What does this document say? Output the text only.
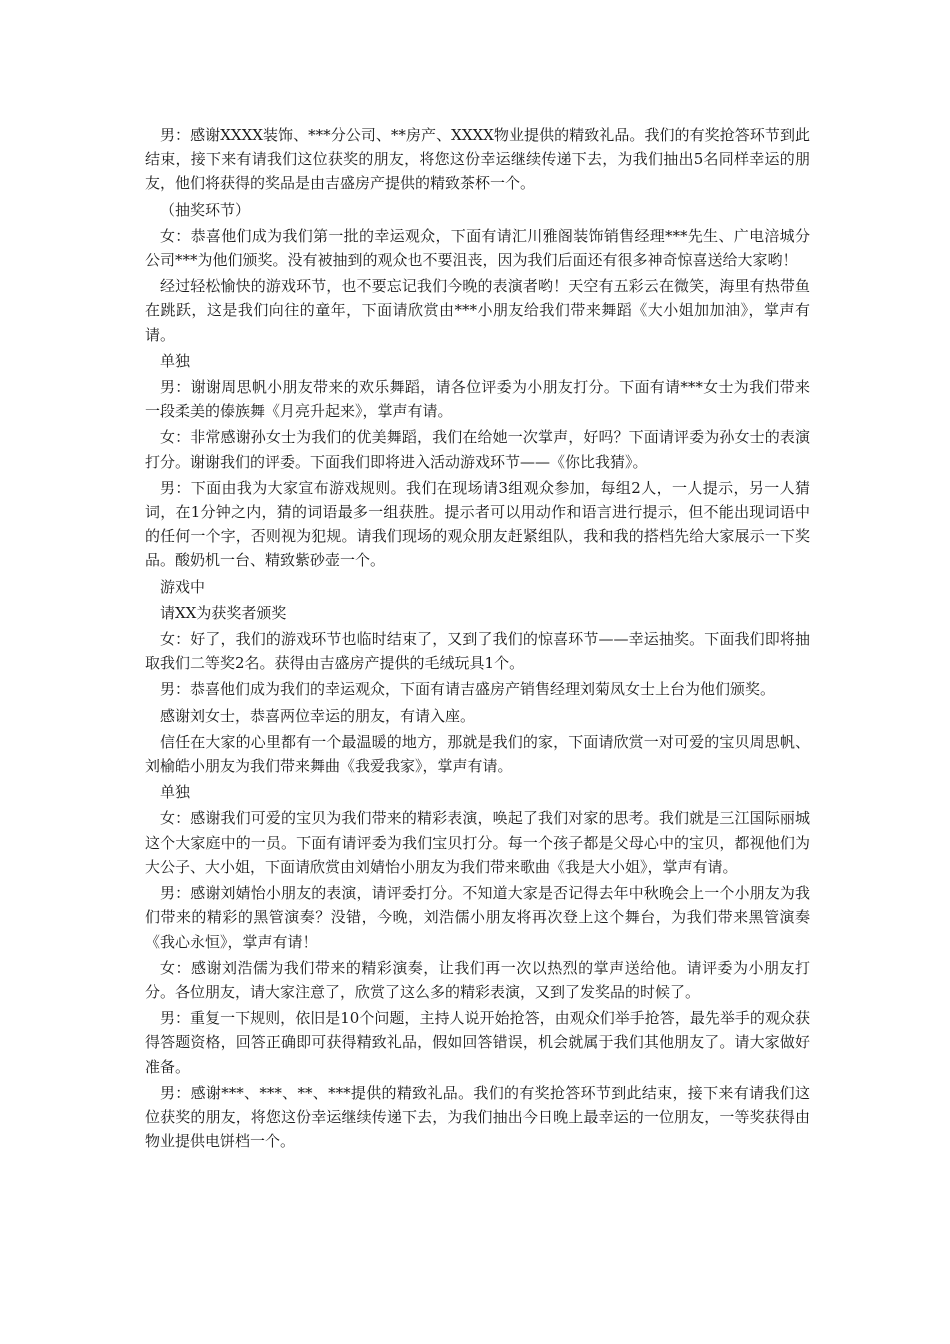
男：感谢XXXX装饰、***分公司、**房产、XXXX物业提供的精致礼品。我们的有奖抢答环节到此结束，接下来有请我们这位获奖的朋友，将您这份幸运继续传递下去，为我们抽出5名同样幸运的朋友，他们将获得的奖品是由吉盛房产提供的精致茶杯一个。

（抽奖环节）

女：恭喜他们成为我们第一批的幸运观众，下面有请汇川雅阁装饰销售经理***先生、广电涪城分公司***为他们颁奖。没有被抽到的观众也不要沮丧，因为我们后面还有很多神奇惊喜送给大家哟！

经过轻松愉快的游戏环节，也不要忘记我们今晚的表演者哟！天空有五彩云在微笑，海里有热带鱼在跳跃，这是我们向往的童年，下面请欣赏由***小朋友给我们带来舞蹈《大小姐加加油》，掌声有请。

单独

男：谢谢周思帆小朋友带来的欢乐舞蹈，请各位评委为小朋友打分。下面有请***女士为我们带来一段柔美的傣族舞《月亮升起来》，掌声有请。

女：非常感谢孙女士为我们的优美舞蹈，我们在给她一次掌声，好吗？下面请评委为孙女士的表演打分。谢谢我们的评委。下面我们即将进入活动游戏环节——《你比我猜》。

男：下面由我为大家宣布游戏规则。我们在现场请3组观众参加，每组2人，一人提示，另一人猜词，在1分钟之内，猜的词语最多一组获胜。提示者可以用动作和语言进行提示，但不能出现词语中的任何一个字，否则视为犯规。请我们现场的观众朋友赶紧组队，我和我的搭档先给大家展示一下奖品。酸奶机一台、精致紫砂壶一个。

游戏中

请XX为获奖者颁奖

女：好了，我们的游戏环节也临时结束了，又到了我们的惊喜环节——幸运抽奖。下面我们即将抽取我们二等奖2名。获得由吉盛房产提供的毛绒玩具1个。

男：恭喜他们成为我们的幸运观众，下面有请吉盛房产销售经理刘菊凤女士上台为他们颁奖。

感谢刘女士，恭喜两位幸运的朋友，有请入座。

信任在大家的心里都有一个最温暖的地方，那就是我们的家，下面请欣赏一对可爱的宝贝周思帆、刘榆皓小朋友为我们带来舞曲《我爱我家》，掌声有请。

单独

女：感谢我们可爱的宝贝为我们带来的精彩表演，唤起了我们对家的思考。我们就是三江国际丽城这个大家庭中的一员。下面有请评委为我们宝贝打分。每一个孩子都是父母心中的宝贝，都视他们为大公子、大小姐，下面请欣赏由刘婧怡小朋友为我们带来歌曲《我是大小姐》，掌声有请。

男：感谢刘婧怡小朋友的表演，请评委打分。不知道大家是否记得去年中秋晚会上一个小朋友为我们带来的精彩的黑管演奏？没错，今晚，刘浩儒小朋友将再次登上这个舞台，为我们带来黑管演奏《我心永恒》，掌声有请！

女：感谢刘浩儒为我们带来的精彩演奏，让我们再一次以热烈的掌声送给他。请评委为小朋友打分。各位朋友，请大家注意了，欣赏了这么多的精彩表演，又到了发奖品的时候了。

男：重复一下规则，依旧是10个问题，主持人说开始抢答，由观众们举手抢答，最先举手的观众获得答题资格，回答正确即可获得精致礼品，假如回答错误，机会就属于我们其他朋友了。请大家做好准备。

男：感谢***、***、**、***提供的精致礼品。我们的有奖抢答环节到此结束，接下来有请我们这位获奖的朋友，将您这份幸运继续传递下去，为我们抽出今日晚上最幸运的一位朋友，一等奖获得由物业提供电饼档一个。
